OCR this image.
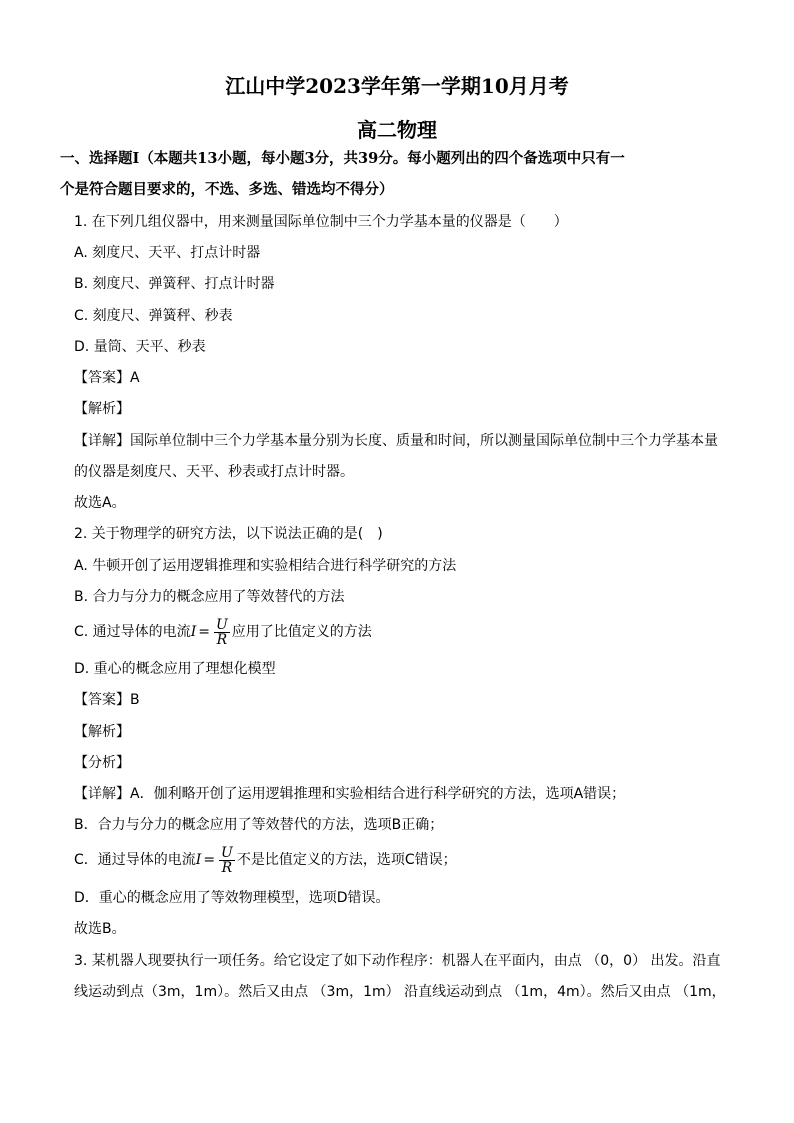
江山中学2023学年第一学期10月月考
高二物理
一、选择题Ⅰ（本题共13小题，每小题3分，共39分。每小题列出的四个备选项中只有一
个是符合题目要求的，不选、多选、错选均不得分）
1. 在下列几组仪器中，用来测量国际单位制中三个力学基本量的仪器是（　　）
A. 刻度尺、天平、打点计时器
B. 刻度尺、弹簧秤、打点计时器
C. 刻度尺、弹簧秤、秒表
D. 量筒、天平、秒表
【答案】A
【解析】
【详解】国际单位制中三个力学基本量分别为长度、质量和时间，所以测量国际单位制中三个力学基本量
的仪器是刻度尺、天平、秒表或打点计时器。
故选A。
2. 关于物理学的研究方法，以下说法正确的是(　)
A. 牛顿开创了运用逻辑推理和实验相结合进行科学研究的方法
B. 合力与分力的概念应用了等效替代的方法
C. 通过导体的电流$I = \frac{U}{R}$ 应用了比值定义的方法
D. 重心的概念应用了理想化模型
【答案】B
【解析】
【分析】
【详解】A．伽利略开创了运用逻辑推理和实验相结合进行科学研究的方法，选项A错误；
B．合力与分力的概念应用了等效替代的方法，选项B正确；
C．通过导体的电流$I = \frac{U}{R}$ 不是比值定义的方法，选项C错误；
D．重心的概念应用了等效物理模型，选项D错误。
故选B。
3. 某机器人现要执行一项任务。给它设定了如下动作程序：机器人在平面内，由点 （0，0） 出发。沿直
线运动到点（3m，1m）。然后又由点 （3m，1m） 沿直线运动到点 （1m，4m）。然后又由点 （1m，
